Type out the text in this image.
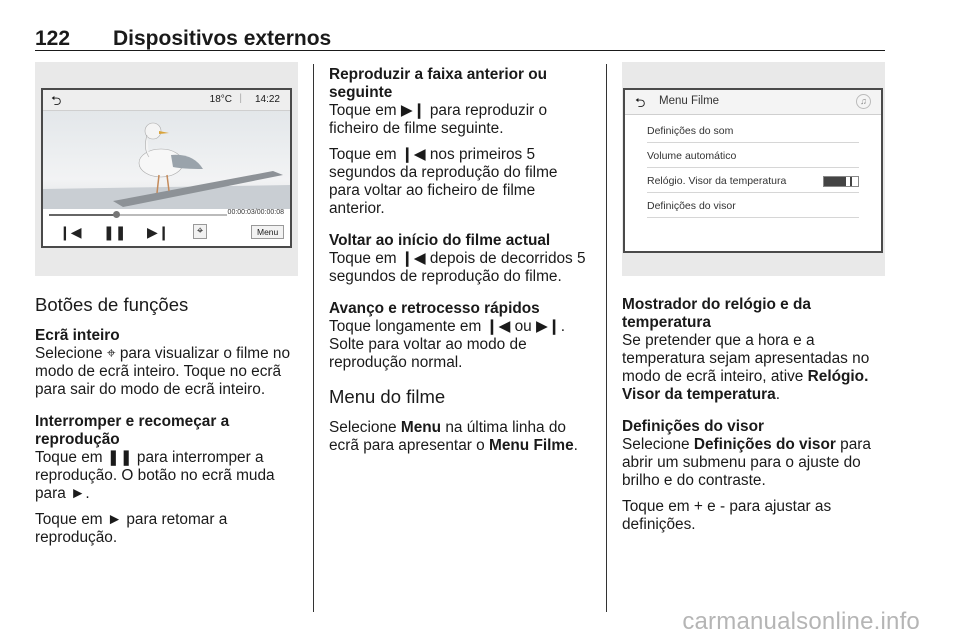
122 Dispositivos externos
⮌	18°C | 14:22
00:00:03/00:00:08
❙◀ ❚❚ ▶❙	⌖	Menu
Botões de funções
Ecrã inteiro

Selecione ⌖ para visualizar o filme no modo de ecrã inteiro. Toque no ecrã para sair do modo de ecrã inteiro.

Interromper e recomeçar a reprodução

Toque em ❚❚ para interromper a reprodução. O botão no ecrã muda para ►.

Toque em ► para retomar a reprodução.

Reproduzir a faixa anterior ou seguinte

Toque em ▶❙ para reproduzir o ficheiro de filme seguinte.

Toque em ❙◀ nos primeiros 5 segundos da reprodução do filme para voltar ao ficheiro de filme anterior.

Voltar ao início do filme actual

Toque em ❙◀ depois de decorridos 5 segundos de reprodução do filme.

Avanço e retrocesso rápidos

Toque longamente em ❙◀ ou ▶❙. Solte para voltar ao modo de reprodução normal.

Menu do filme

Selecione Menu na última linha do ecrã para apresentar o Menu Filme.

⮌ Menu Filme	♫
Definições do som
Volume automático
Relógio. Visor da temperatura
Definições do visor
Mostrador do relógio e da temperatura

Se pretender que a hora e a temperatura sejam apresentadas no modo de ecrã inteiro, ative Relógio. Visor da temperatura.

Definições do visor

Selecione Definições do visor para abrir um submenu para o ajuste do brilho e do contraste.

Toque em + e - para ajustar as definições.

carmanualsonline.info
